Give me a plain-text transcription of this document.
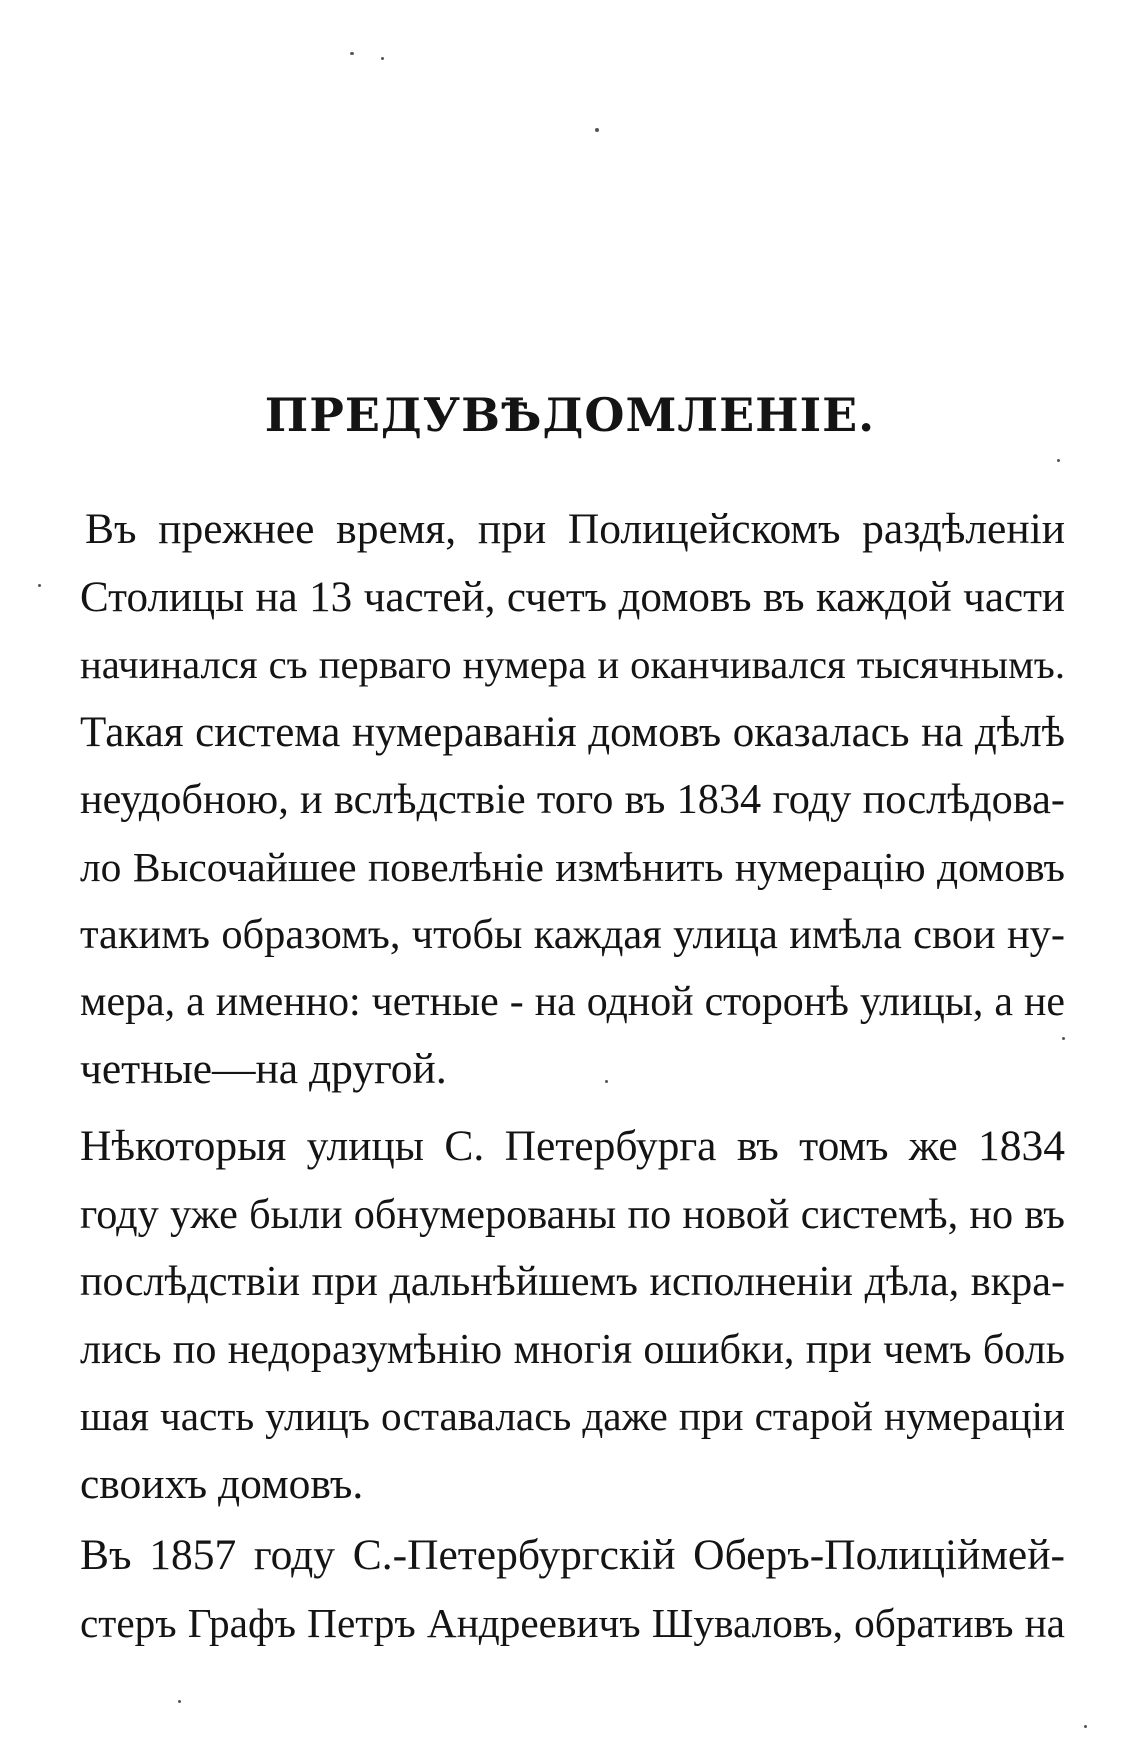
ПРЕДУВѢДОМЛЕНІЕ.
Въ прежнее время, при Полицейскомъ раздѣленіи
Столицы на 13 частей, счетъ домовъ въ каждой части
начинался съ перваго нумера и оканчивался тысячнымъ.
Такая система нумераванія домовъ оказалась на дѣлѣ
неудобною, и вслѣдствіе того въ 1834 году послѣдова-
ло Высочайшее повелѣніе измѣнить нумерацію домовъ
такимъ образомъ, чтобы каждая улица имѣла свои ну-
мера, а именно: четные - на одной сторонѣ улицы, а не
четные—на другой.
Нѣкоторыя улицы С. Петербурга въ томъ же 1834
году уже были обнумерованы по новой системѣ, но въ
послѣдствіи при дальнѣйшемъ исполненіи дѣла, вкра-
лись по недоразумѣнію многія ошибки, при чемъ боль
шая часть улицъ оставалась даже при старой нумераціи
своихъ домовъ.
Въ 1857 году С.-Петербургскій Оберъ-Полиціймей-
стеръ Графъ Петръ Андреевичъ Шуваловъ, обративъ на
